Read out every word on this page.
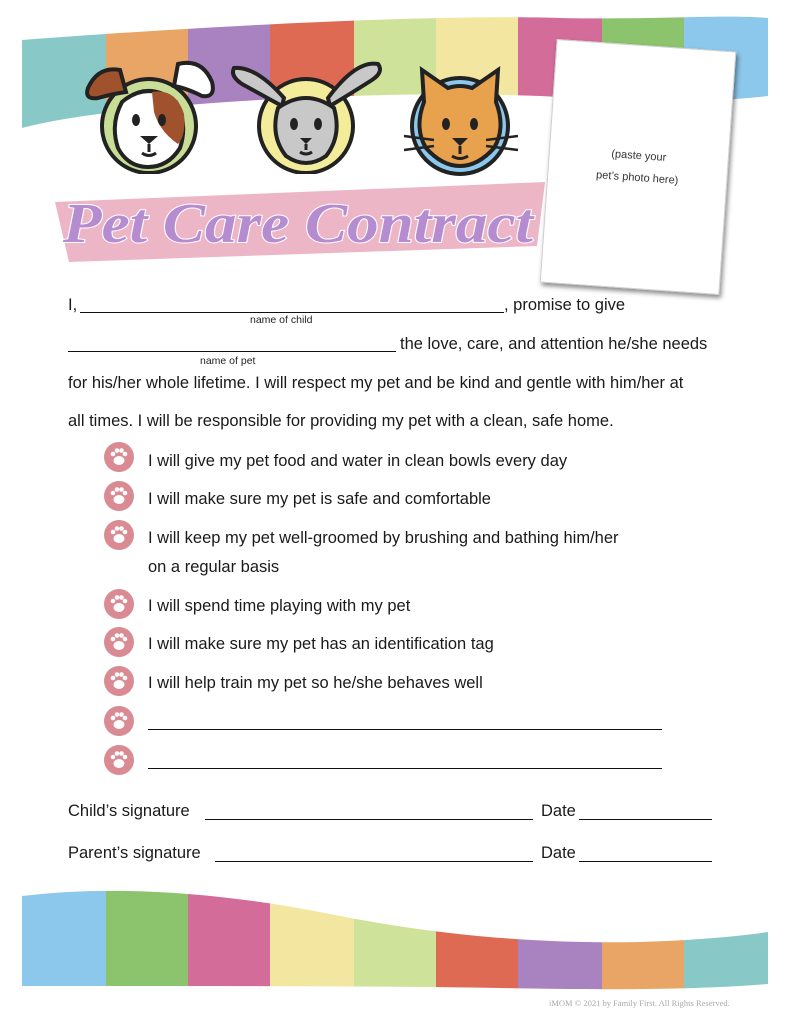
Pet Care Contract
(paste your
pet’s photo here)
I,	, promise to give
name of child
the love, care, and attention he/she needs
name of pet
for his/her whole lifetime. I will respect my pet and be kind and gentle with him/her at
all times. I will be responsible for providing my pet with a clean, safe home.
I will give my pet food and water in clean bowls every day
I will make sure my pet is safe and comfortable
I will keep my pet well-groomed by brushing and bathing him/her
on a regular basis
I will spend time playing with my pet
I will make sure my pet has an identification tag
I will help train my pet so he/she behaves well
Child’s signature	Date
Parent’s signature	Date
iMOM © 2021 by Family First. All Rights Reserved.
